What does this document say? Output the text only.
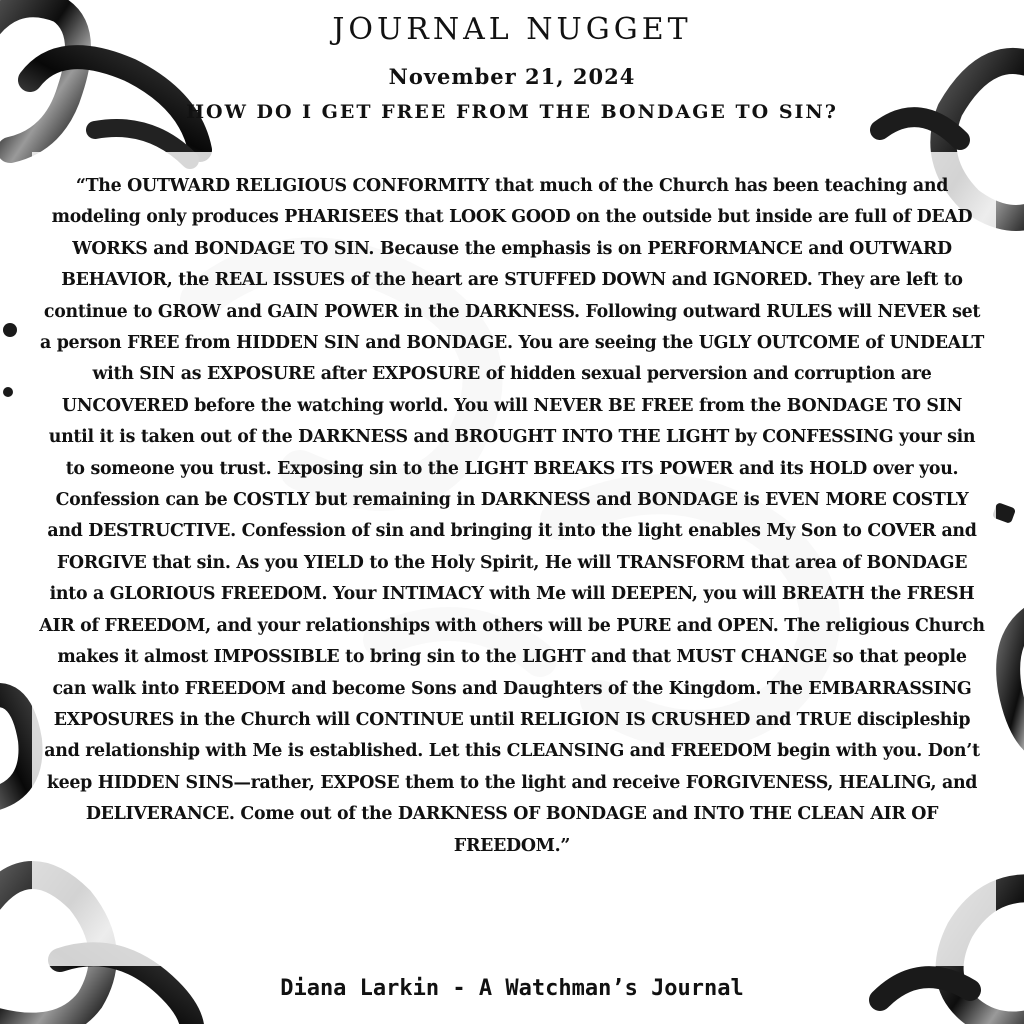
JOURNAL NUGGET
November 21, 2024
HOW DO I GET FREE FROM THE BONDAGE TO SIN?
“The OUTWARD RELIGIOUS CONFORMITY that much of the Church has been teaching and modeling only produces PHARISEES that LOOK GOOD on the outside but inside are full of DEAD WORKS and BONDAGE TO SIN. Because the emphasis is on PERFORMANCE and OUTWARD BEHAVIOR, the REAL ISSUES of the heart are STUFFED DOWN and IGNORED. They are left to continue to GROW and GAIN POWER in the DARKNESS. Following outward RULES will NEVER set a person FREE from HIDDEN SIN and BONDAGE. You are seeing the UGLY OUTCOME of UNDEALT with SIN as EXPOSURE after EXPOSURE of hidden sexual perversion and corruption are UNCOVERED before the watching world. You will NEVER BE FREE from the BONDAGE TO SIN until it is taken out of the DARKNESS and BROUGHT INTO THE LIGHT by CONFESSING your sin to someone you trust. Exposing sin to the LIGHT BREAKS ITS POWER and its HOLD over you. Confession can be COSTLY but remaining in DARKNESS and BONDAGE is EVEN MORE COSTLY and DESTRUCTIVE. Confession of sin and bringing it into the light enables My Son to COVER and FORGIVE that sin. As you YIELD to the Holy Spirit, He will TRANSFORM that area of BONDAGE into a GLORIOUS FREEDOM. Your INTIMACY with Me will DEEPEN, you will BREATH the FRESH AIR of FREEDOM, and your relationships with others will be PURE and OPEN. The religious Church makes it almost IMPOSSIBLE to bring sin to the LIGHT and that MUST CHANGE so that people can walk into FREEDOM and become Sons and Daughters of the Kingdom. The EMBARRASSING EXPOSURES in the Church will CONTINUE until RELIGION IS CRUSHED and TRUE discipleship and relationship with Me is established. Let this CLEANSING and FREEDOM begin with you. Don’t keep HIDDEN SINS—rather, EXPOSE them to the light and receive FORGIVENESS, HEALING, and DELIVERANCE. Come out of the DARKNESS OF BONDAGE and INTO THE CLEAN AIR OF FREEDOM.”
Diana Larkin - A Watchman’s Journal
